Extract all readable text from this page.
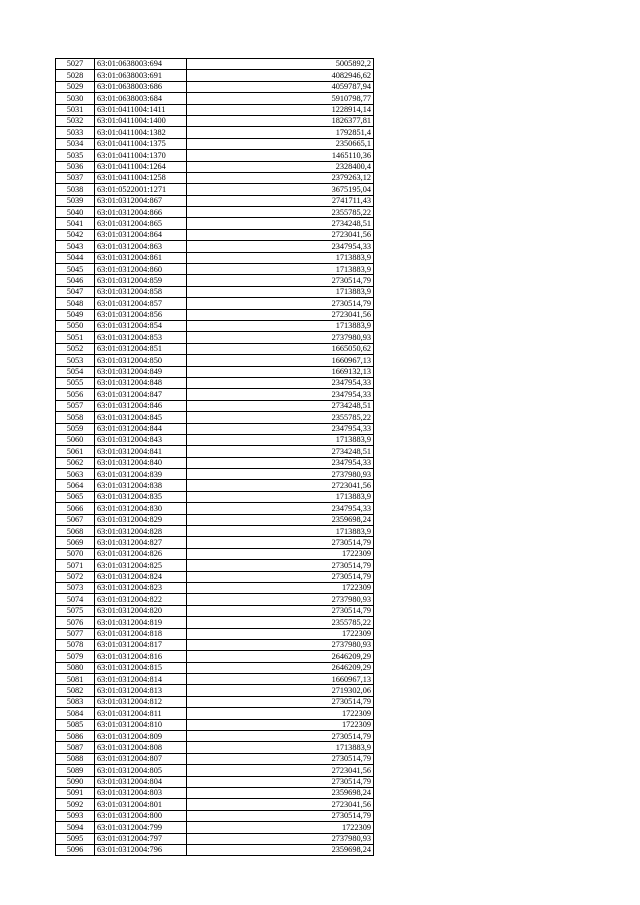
5027	63:01:0638003:694	5005892,2
5028	63:01:0638003:691	4082946,62
5029	63:01:0638003:686	4059787,94
5030	63:01:0638003:684	5910798,77
5031	63:01:0411004:1411	1228914,14
5032	63:01:0411004:1400	1826377,81
5033	63:01:0411004:1382	1792851,4
5034	63:01:0411004:1375	2350665,1
5035	63:01:0411004:1370	1465110,36
5036	63:01:0411004:1264	2328400,4
5037	63:01:0411004:1258	2379263,12
5038	63:01:0522001:1271	3675195,04
5039	63:01:0312004:867	2741711,43
5040	63:01:0312004:866	2355785,22
5041	63:01:0312004:865	2734248,51
5042	63:01:0312004:864	2723041,56
5043	63:01:0312004:863	2347954,33
5044	63:01:0312004:861	1713883,9
5045	63:01:0312004:860	1713883,9
5046	63:01:0312004:859	2730514,79
5047	63:01:0312004:858	1713883,9
5048	63:01:0312004:857	2730514,79
5049	63:01:0312004:856	2723041,56
5050	63:01:0312004:854	1713883,9
5051	63:01:0312004:853	2737980,93
5052	63:01:0312004:851	1665050,62
5053	63:01:0312004:850	1660967,13
5054	63:01:0312004:849	1669132,13
5055	63:01:0312004:848	2347954,33
5056	63:01:0312004:847	2347954,33
5057	63:01:0312004:846	2734248,51
5058	63:01:0312004:845	2355785,22
5059	63:01:0312004:844	2347954,33
5060	63:01:0312004:843	1713883,9
5061	63:01:0312004:841	2734248,51
5062	63:01:0312004:840	2347954,33
5063	63:01:0312004:839	2737980,93
5064	63:01:0312004:838	2723041,56
5065	63:01:0312004:835	1713883,9
5066	63:01:0312004:830	2347954,33
5067	63:01:0312004:829	2359698,24
5068	63:01:0312004:828	1713883,9
5069	63:01:0312004:827	2730514,79
5070	63:01:0312004:826	1722309
5071	63:01:0312004:825	2730514,79
5072	63:01:0312004:824	2730514,79
5073	63:01:0312004:823	1722309
5074	63:01:0312004:822	2737980,93
5075	63:01:0312004:820	2730514,79
5076	63:01:0312004:819	2355785,22
5077	63:01:0312004:818	1722309
5078	63:01:0312004:817	2737980,93
5079	63:01:0312004:816	2646209,29
5080	63:01:0312004:815	2646209,29
5081	63:01:0312004:814	1660967,13
5082	63:01:0312004:813	2719302,06
5083	63:01:0312004:812	2730514,79
5084	63:01:0312004:811	1722309
5085	63:01:0312004:810	1722309
5086	63:01:0312004:809	2730514,79
5087	63:01:0312004:808	1713883,9
5088	63:01:0312004:807	2730514,79
5089	63:01:0312004:805	2723041,56
5090	63:01:0312004:804	2730514,79
5091	63:01:0312004:803	2359698,24
5092	63:01:0312004:801	2723041,56
5093	63:01:0312004:800	2730514,79
5094	63:01:0312004:799	1722309
5095	63:01:0312004:797	2737980,93
5096	63:01:0312004:796	2359698,24
